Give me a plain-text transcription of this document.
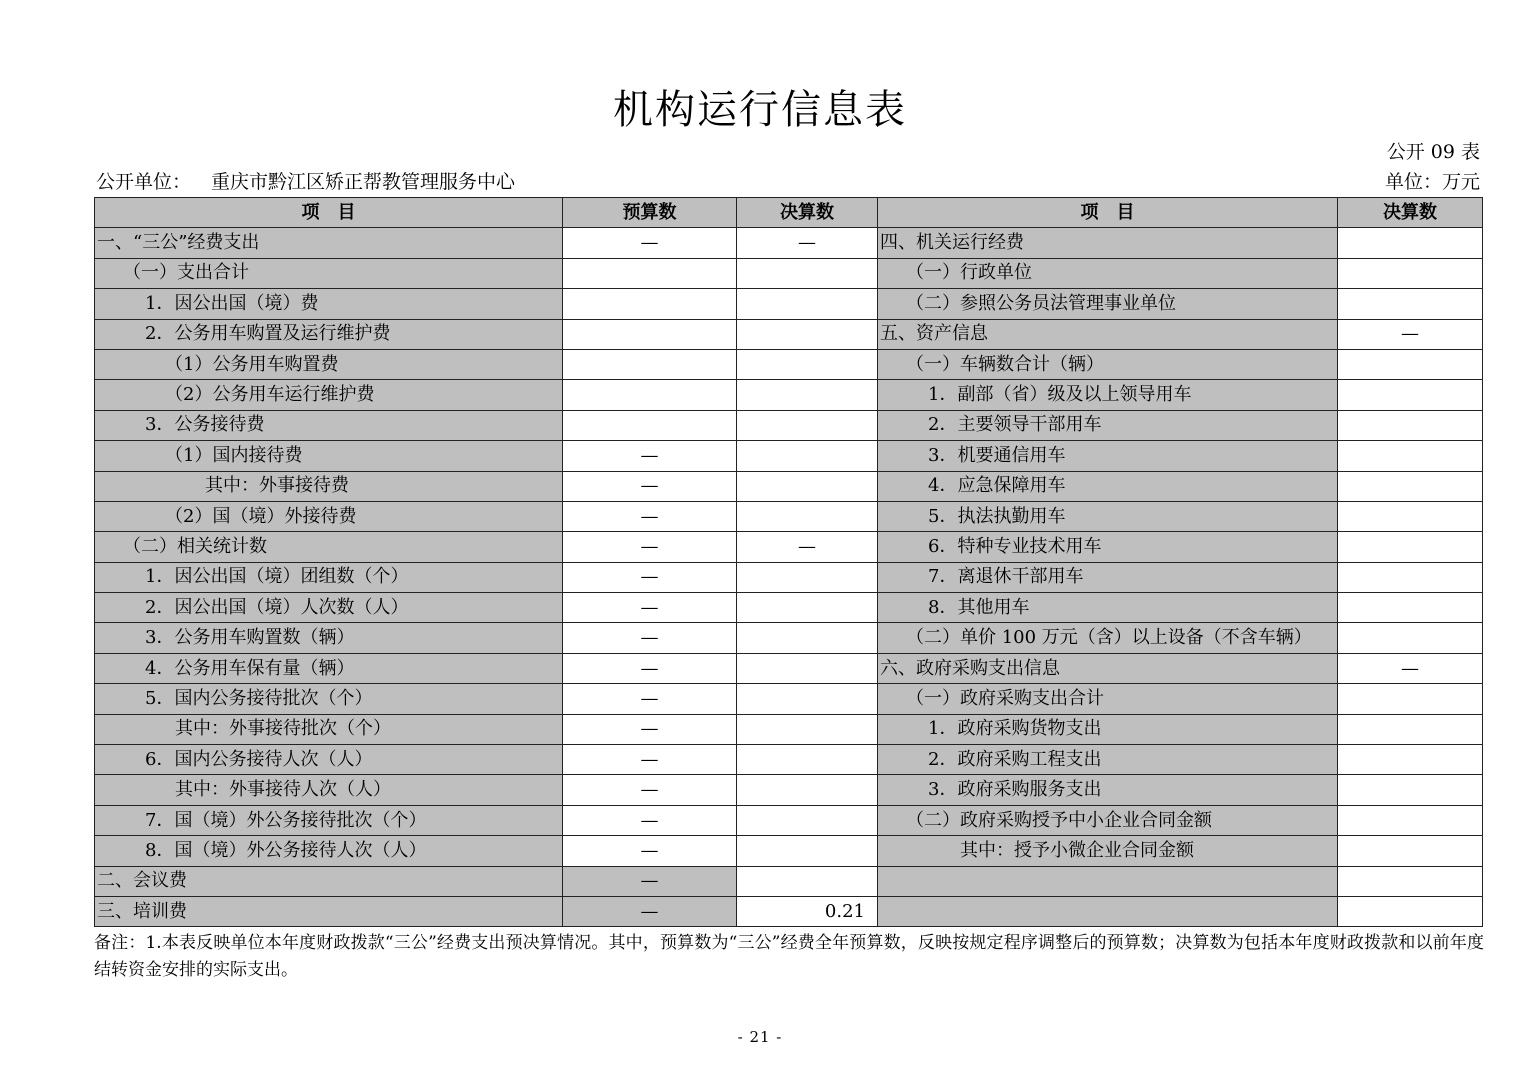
机构运行信息表
公开 09 表
公开单位： 重庆市黔江区矫正帮教管理服务中心	单位：万元
项　目	预算数	决算数	项　目	决算数
一、“三公”经费支出	—	—	四、机关运行经费	
（一）支出合计			（一）行政单位	
1．因公出国（境）费			（二）参照公务员法管理事业单位	
2．公务用车购置及运行维护费			五、资产信息	—
（1）公务用车购置费			（一）车辆数合计（辆）	
（2）公务用车运行维护费			1．副部（省）级及以上领导用车	
3．公务接待费			2．主要领导干部用车	
（1）国内接待费	—		3．机要通信用车	
其中：外事接待费	—		4．应急保障用车	
（2）国（境）外接待费	—		5．执法执勤用车	
（二）相关统计数	—	—	6．特种专业技术用车	
1．因公出国（境）团组数（个）	—		7．离退休干部用车	
2．因公出国（境）人次数（人）	—		8．其他用车	
3．公务用车购置数（辆）	—		（二）单价 100 万元（含）以上设备（不含车辆）	
4．公务用车保有量（辆）	—		六、政府采购支出信息	—
5．国内公务接待批次（个）	—		（一）政府采购支出合计	
其中：外事接待批次（个）	—		1．政府采购货物支出	
6．国内公务接待人次（人）	—		2．政府采购工程支出	
其中：外事接待人次（人）	—		3．政府采购服务支出	
7．国（境）外公务接待批次（个）	—		（二）政府采购授予中小企业合同金额	
8．国（境）外公务接待人次（人）	—		其中：授予小微企业合同金额	
二、会议费	—			
三、培训费	—	0.21		
备注：1.本表反映单位本年度财政拨款“三公”经费支出预决算情况。其中，预算数为“三公”经费全年预算数，反映按规定程序调整后的预算数；决算数为包括本年度财政拨款和以前年度结转资金安排的实际支出。
- 21 -
